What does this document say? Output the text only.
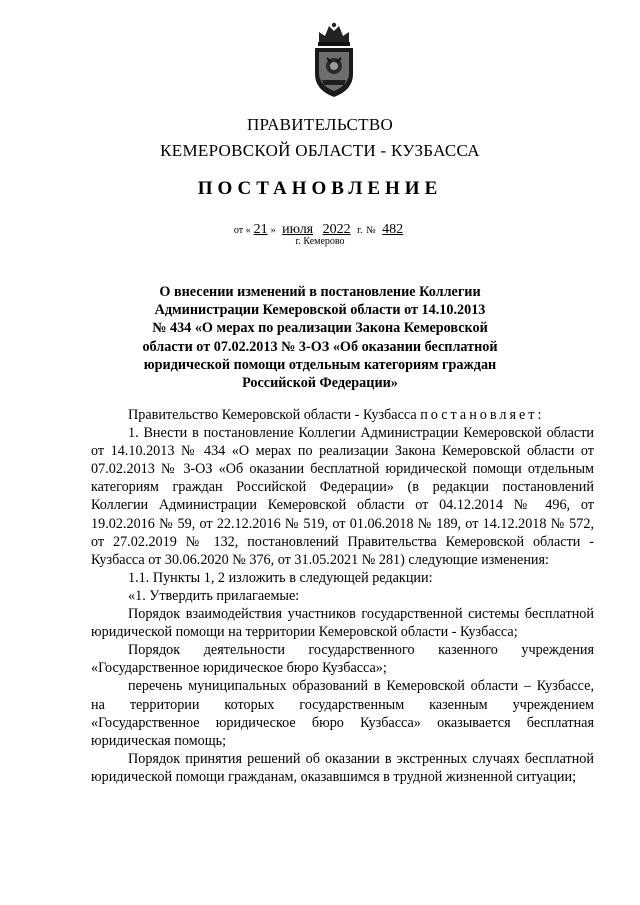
ПРАВИТЕЛЬСТВО
КЕМЕРОВСКОЙ ОБЛАСТИ - КУЗБАССА
ПОСТАНОВЛЕНИЕ
от « 21 » июля 2022 г. № 482
г. Кемерово
О внесении изменений в постановление Коллегии
Администрации Кемеровской области от 14.10.2013
№ 434 «О мерах по реализации Закона Кемеровской
области от 07.02.2013 № 3-ОЗ «Об оказании бесплатной
юридической помощи отдельным категориям граждан
Российской Федерации»

Правительство Кемеровской области - Кузбасса постановляет:

1. Внести в постановление Коллегии Администрации Кемеровской области от 14.10.2013 № 434 «О мерах по реализации Закона Кемеровской области от 07.02.2013 № 3-ОЗ «Об оказании бесплатной юридической помощи отдельным категориям граждан Российской Федерации» (в редакции постановлений Коллегии Администрации Кемеровской области от 04.12.2014 № 496, от 19.02.2016 № 59, от 22.12.2016 № 519, от 01.06.2018 № 189, от 14.12.2018 № 572, от 27.02.2019 № 132, постановлений Правительства Кемеровской области - Кузбасса от 30.06.2020 № 376, от 31.05.2021 № 281) следующие изменения:

1.1. Пункты 1, 2 изложить в следующей редакции:

«1. Утвердить прилагаемые:

Порядок взаимодействия участников государственной системы бесплатной юридической помощи на территории Кемеровской области - Кузбасса;

Порядок деятельности государственного казенного учреждения «Государственное юридическое бюро Кузбасса»;

перечень муниципальных образований в Кемеровской области – Кузбассе, на территории которых государственным казенным учреждением «Государственное юридическое бюро Кузбасса» оказывается бесплатная юридическая помощь;

Порядок принятия решений об оказании в экстренных случаях бесплатной юридической помощи гражданам, оказавшимся в трудной жизненной ситуации;
